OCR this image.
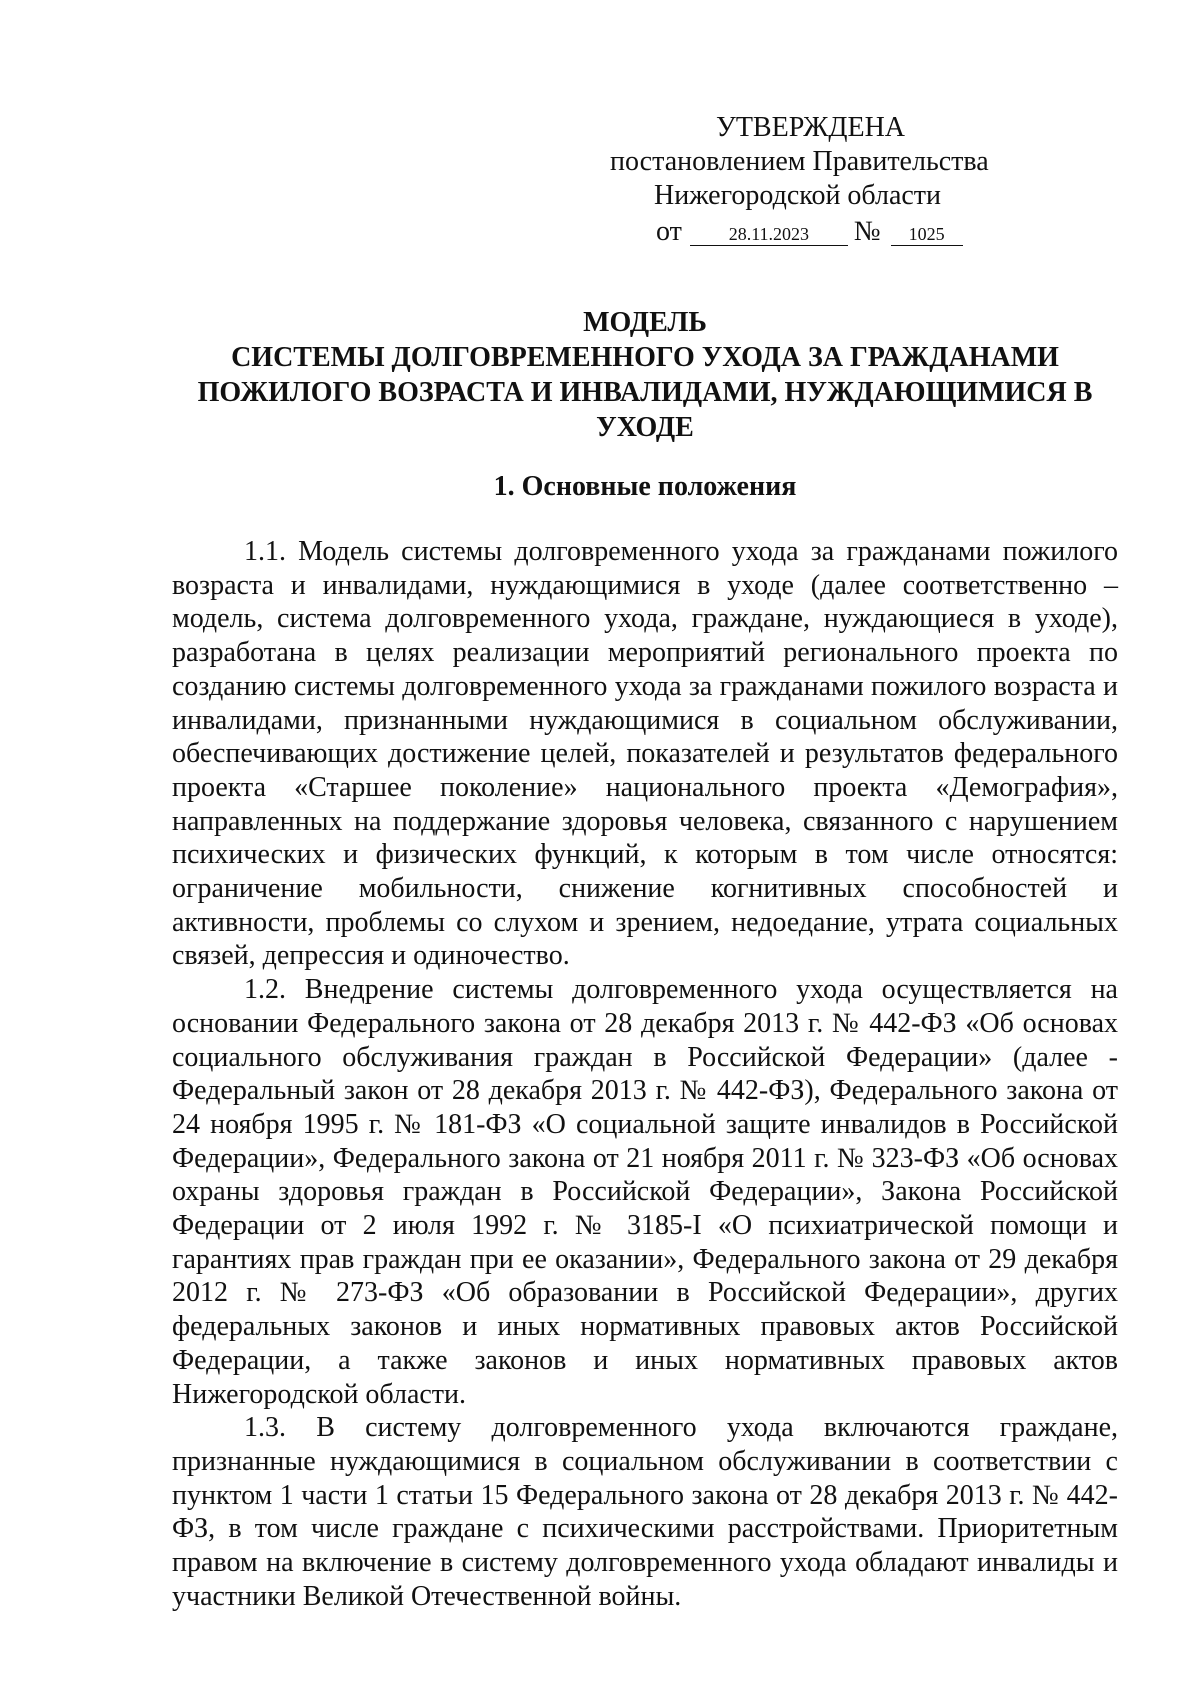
УТВЕРЖДЕНА
постановлением Правительства
Нижегородской области
от	28.11.2023 № 1025
МОДЕЛЬ
СИСТЕМЫ ДОЛГОВРЕМЕННОГО УХОДА ЗА ГРАЖДАНАМИ
ПОЖИЛОГО ВОЗРАСТА И ИНВАЛИДАМИ, НУЖДАЮЩИМИСЯ В
УХОДЕ
1. Основные положения

1.1. Модель системы долговременного ухода за гражданами пожилого возраста и инвалидами, нуждающимися в уходе (далее соответственно – модель, система долговременного ухода, граждане, нуждающиеся в уходе), разработана в целях реализации мероприятий регионального проекта по созданию системы долговременного ухода за гражданами пожилого возраста и инвалидами, признанными нуждающимися в социальном обслуживании, обеспечивающих достижение целей, показателей и результатов федерального проекта «Старшее поколение» национального проекта «Демография», направленных на поддержание здоровья человека, связанного с нарушением психических и физических функций, к которым в том числе относятся: ограничение мобильности, снижение когнитивных способностей и активности, проблемы со слухом и зрением, недоедание, утрата социальных связей, депрессия и одиночество.

1.2. Внедрение системы долговременного ухода осуществляется на основании Федерального закона от 28 декабря 2013 г. № 442-ФЗ «Об основах социального обслуживания граждан в Российской Федерации» (далее - Федеральный закон от 28 декабря 2013 г. № 442-ФЗ), Федерального закона от 24 ноября 1995 г. № 181-ФЗ «О социальной защите инвалидов в Российской Федерации», Федерального закона от 21 ноября 2011 г. № 323-ФЗ «Об основах охраны здоровья граждан в Российской Федерации», Закона Российской Федерации от 2 июля 1992 г. № 3185-I «О психиатрической помощи и гарантиях прав граждан при ее оказании», Федерального закона от 29 декабря 2012 г. № 273-ФЗ «Об образовании в Российской Федерации», других федеральных законов и иных нормативных правовых актов Российской Федерации, а также законов и иных нормативных правовых актов Нижегородской области.

1.3. В систему долговременного ухода включаются граждане, признанные нуждающимися в социальном обслуживании в соответствии с пунктом 1 части 1 статьи 15 Федерального закона от 28 декабря 2013 г. № 442-ФЗ, в том числе граждане с психическими расстройствами. Приоритетным правом на включение в систему долговременного ухода обладают инвалиды и участники Великой Отечественной войны.
